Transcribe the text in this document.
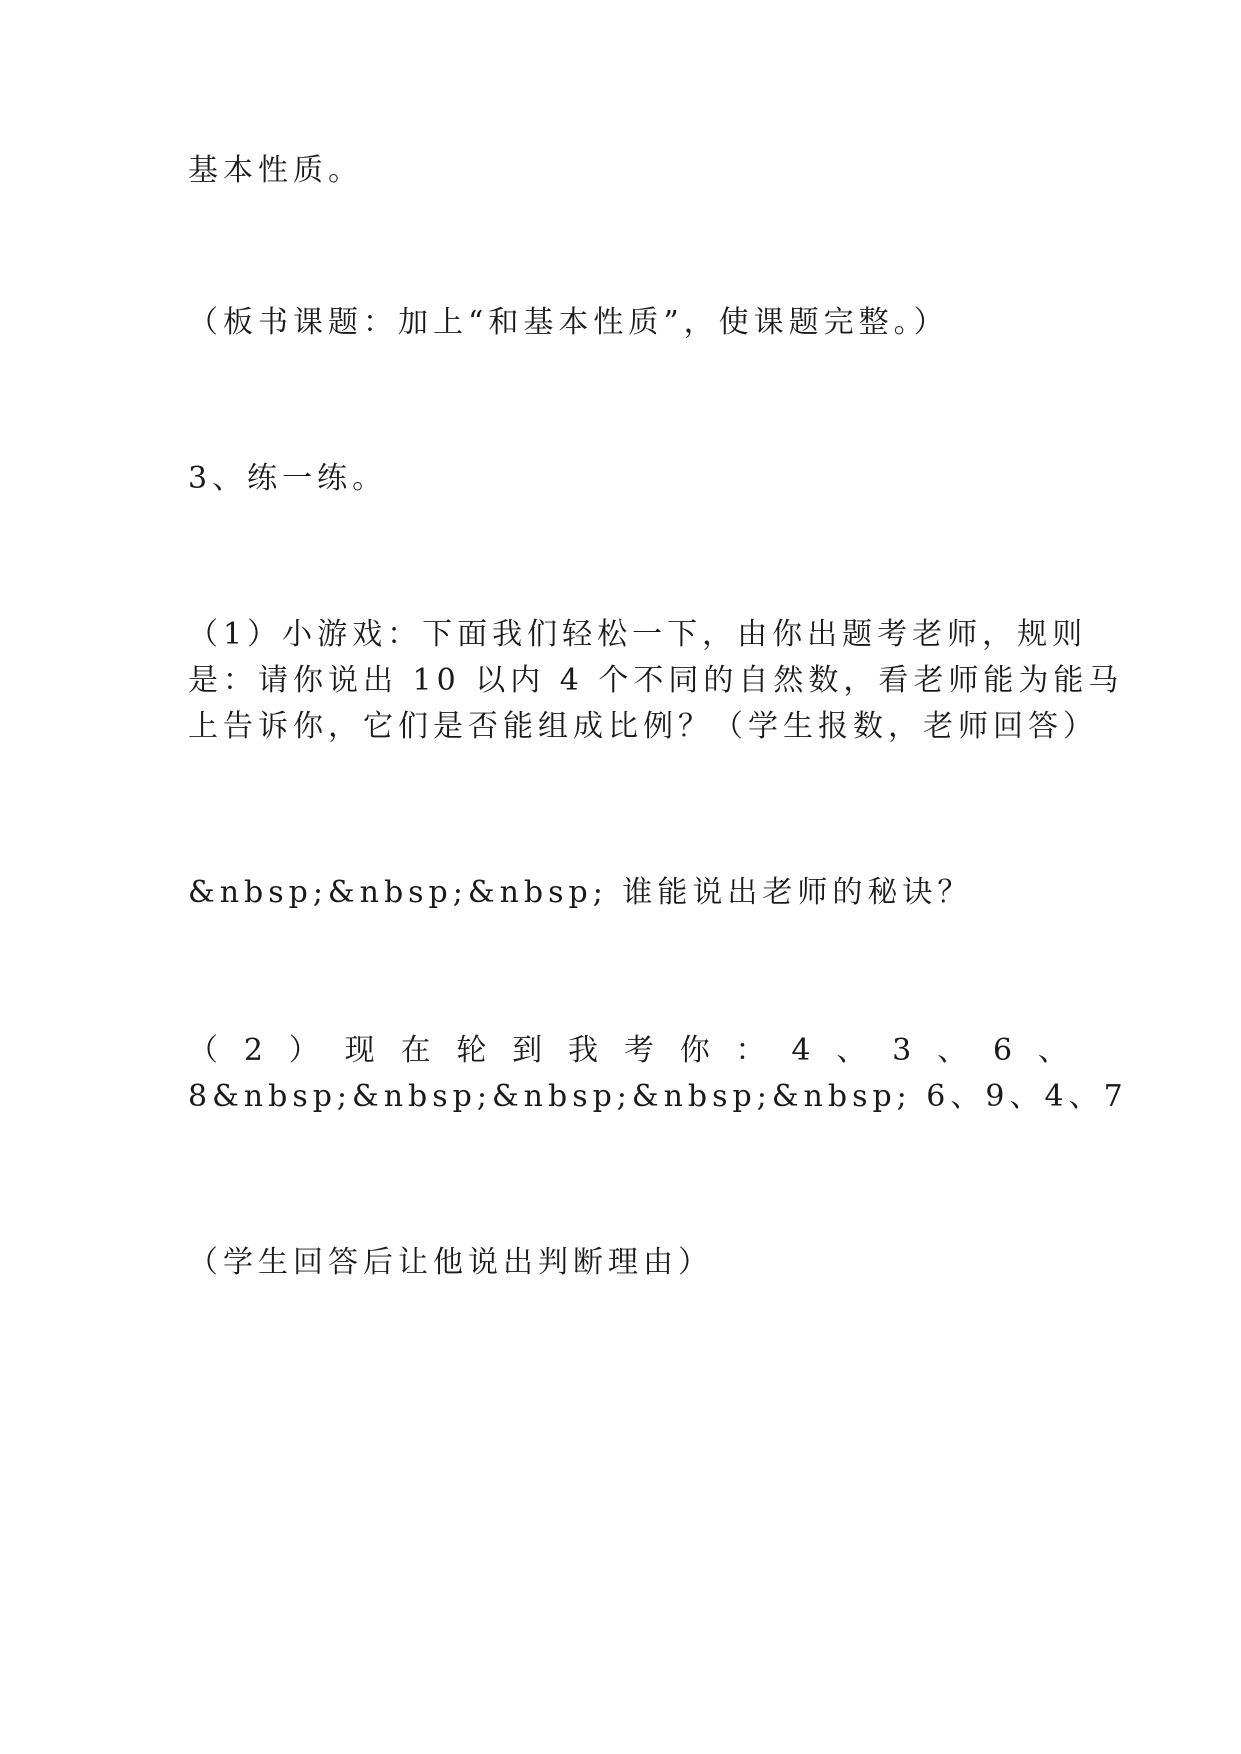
基本性质。
（板书课题：加上“和基本性质”，使课题完整。）
3、练一练。
（1）小游戏：下面我们轻松一下，由你出题考老师，规则
是：请你说出 10 以内 4 个不同的自然数，看老师能为能马
上告诉你，它们是否能组成比例？（学生报数，老师回答）
&nbsp;&nbsp;&nbsp; 谁能说出老师的秘诀？
（ 2 ） 现 在 轮 到 我 考 你 ： 4 、 3 、 6 、
8&nbsp;&nbsp;&nbsp;&nbsp;&nbsp; 6、9、4、7
（学生回答后让他说出判断理由）
